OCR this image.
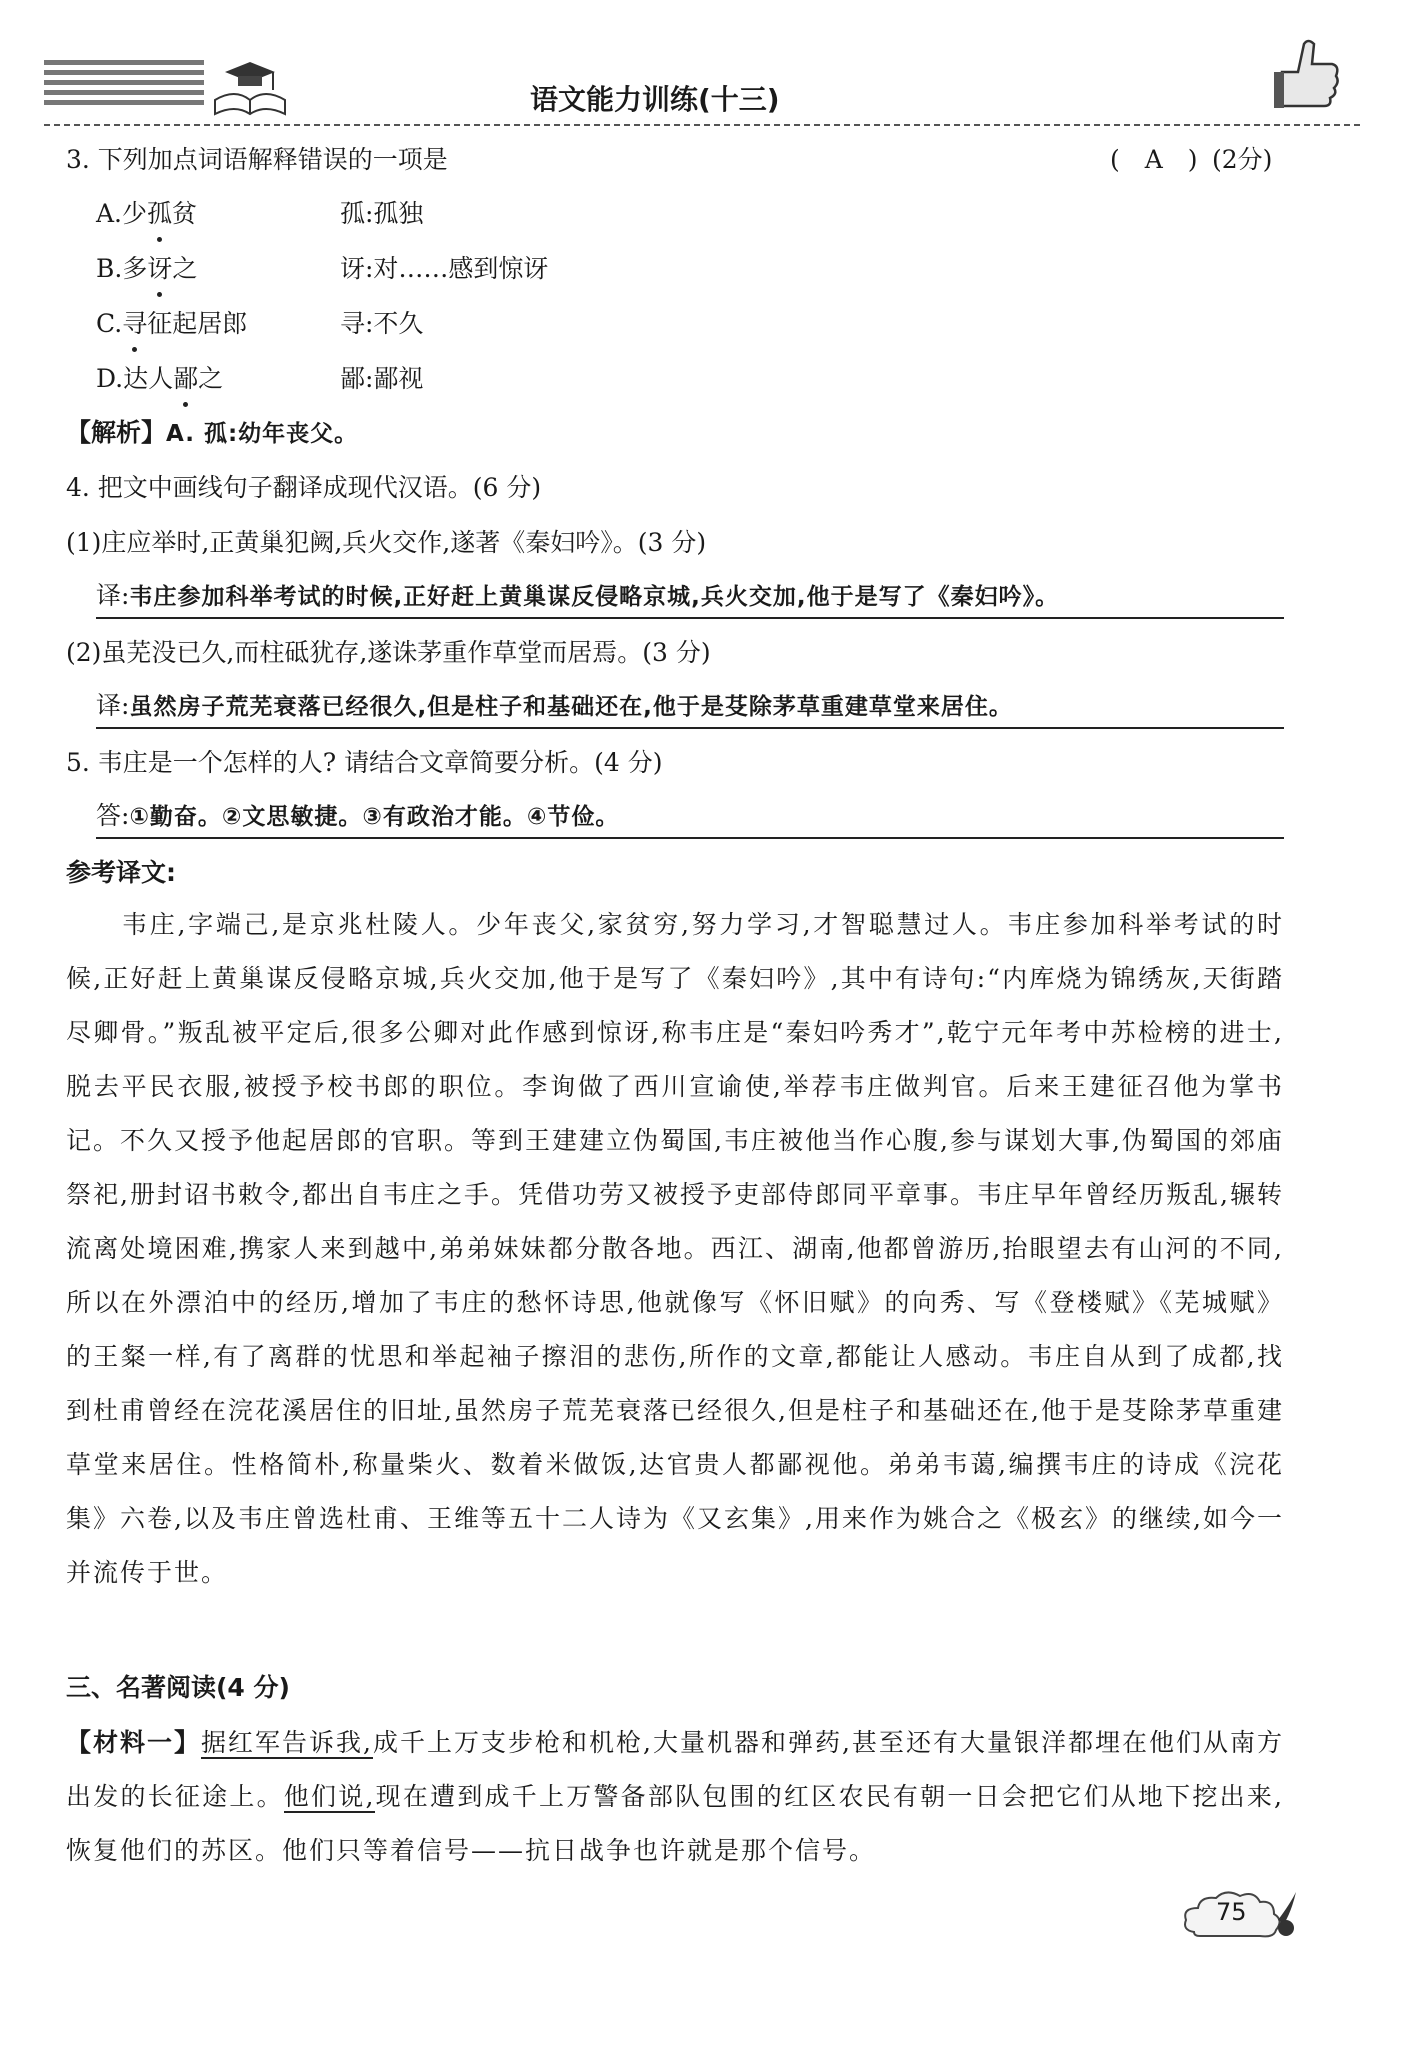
语文能力训练(十三)
3. 下列加点词语解释错误的一项是	(　A　) (2分)
A.少孤贫	孤:孤独
B.多讶之	讶:对……感到惊讶
C.寻征起居郎	寻:不久
D.达人鄙之	鄙:鄙视
【解析】A. 孤:幼年丧父。
4. 把文中画线句子翻译成现代汉语。(6 分)
(1)庄应举时,正黄巢犯阙,兵火交作,遂著《秦妇吟》。(3 分)
译:韦庄参加科举考试的时候,正好赶上黄巢谋反侵略京城,兵火交加,他于是写了《秦妇吟》。
(2)虽芜没已久,而柱砥犹存,遂诛茅重作草堂而居焉。(3 分)
译:虽然房子荒芜衰落已经很久,但是柱子和基础还在,他于是芟除茅草重建草堂来居住。
5. 韦庄是一个怎样的人? 请结合文章简要分析。(4 分)
答:①勤奋。②文思敏捷。③有政治才能。④节俭。
参考译文:

韦庄,字端己,是京兆杜陵人。少年丧父,家贫穷,努力学习,才智聪慧过人。韦庄参加科举考试的时候,正好赶上黄巢谋反侵略京城,兵火交加,他于是写了《秦妇吟》,其中有诗句:“内库烧为锦绣灰,天街踏尽卿骨。”叛乱被平定后,很多公卿对此作感到惊讶,称韦庄是“秦妇吟秀才”,乾宁元年考中苏检榜的进士,脱去平民衣服,被授予校书郎的职位。李询做了西川宣谕使,举荐韦庄做判官。后来王建征召他为掌书记。不久又授予他起居郎的官职。等到王建建立伪蜀国,韦庄被他当作心腹,参与谋划大事,伪蜀国的郊庙祭祀,册封诏书敕令,都出自韦庄之手。凭借功劳又被授予吏部侍郎同平章事。韦庄早年曾经历叛乱,辗转流离处境困难,携家人来到越中,弟弟妹妹都分散各地。西江、湖南,他都曾游历,抬眼望去有山河的不同,所以在外漂泊中的经历,增加了韦庄的愁怀诗思,他就像写《怀旧赋》的向秀、写《登楼赋》《芜城赋》的王粲一样,有了离群的忧思和举起袖子擦泪的悲伤,所作的文章,都能让人感动。韦庄自从到了成都,找到杜甫曾经在浣花溪居住的旧址,虽然房子荒芜衰落已经很久,但是柱子和基础还在,他于是芟除茅草重建草堂来居住。性格简朴,称量柴火、数着米做饭,达官贵人都鄙视他。弟弟韦蔼,编撰韦庄的诗成《浣花集》六卷,以及韦庄曾选杜甫、王维等五十二人诗为《又玄集》,用来作为姚合之《极玄》的继续,如今一并流传于世。

三、名著阅读(4 分)

【材料一】据红军告诉我,成千上万支步枪和机枪,大量机器和弹药,甚至还有大量银洋都埋在他们从南方出发的长征途上。他们说,现在遭到成千上万警备部队包围的红区农民有朝一日会把它们从地下挖出来,恢复他们的苏区。他们只等着信号——抗日战争也许就是那个信号。

75
